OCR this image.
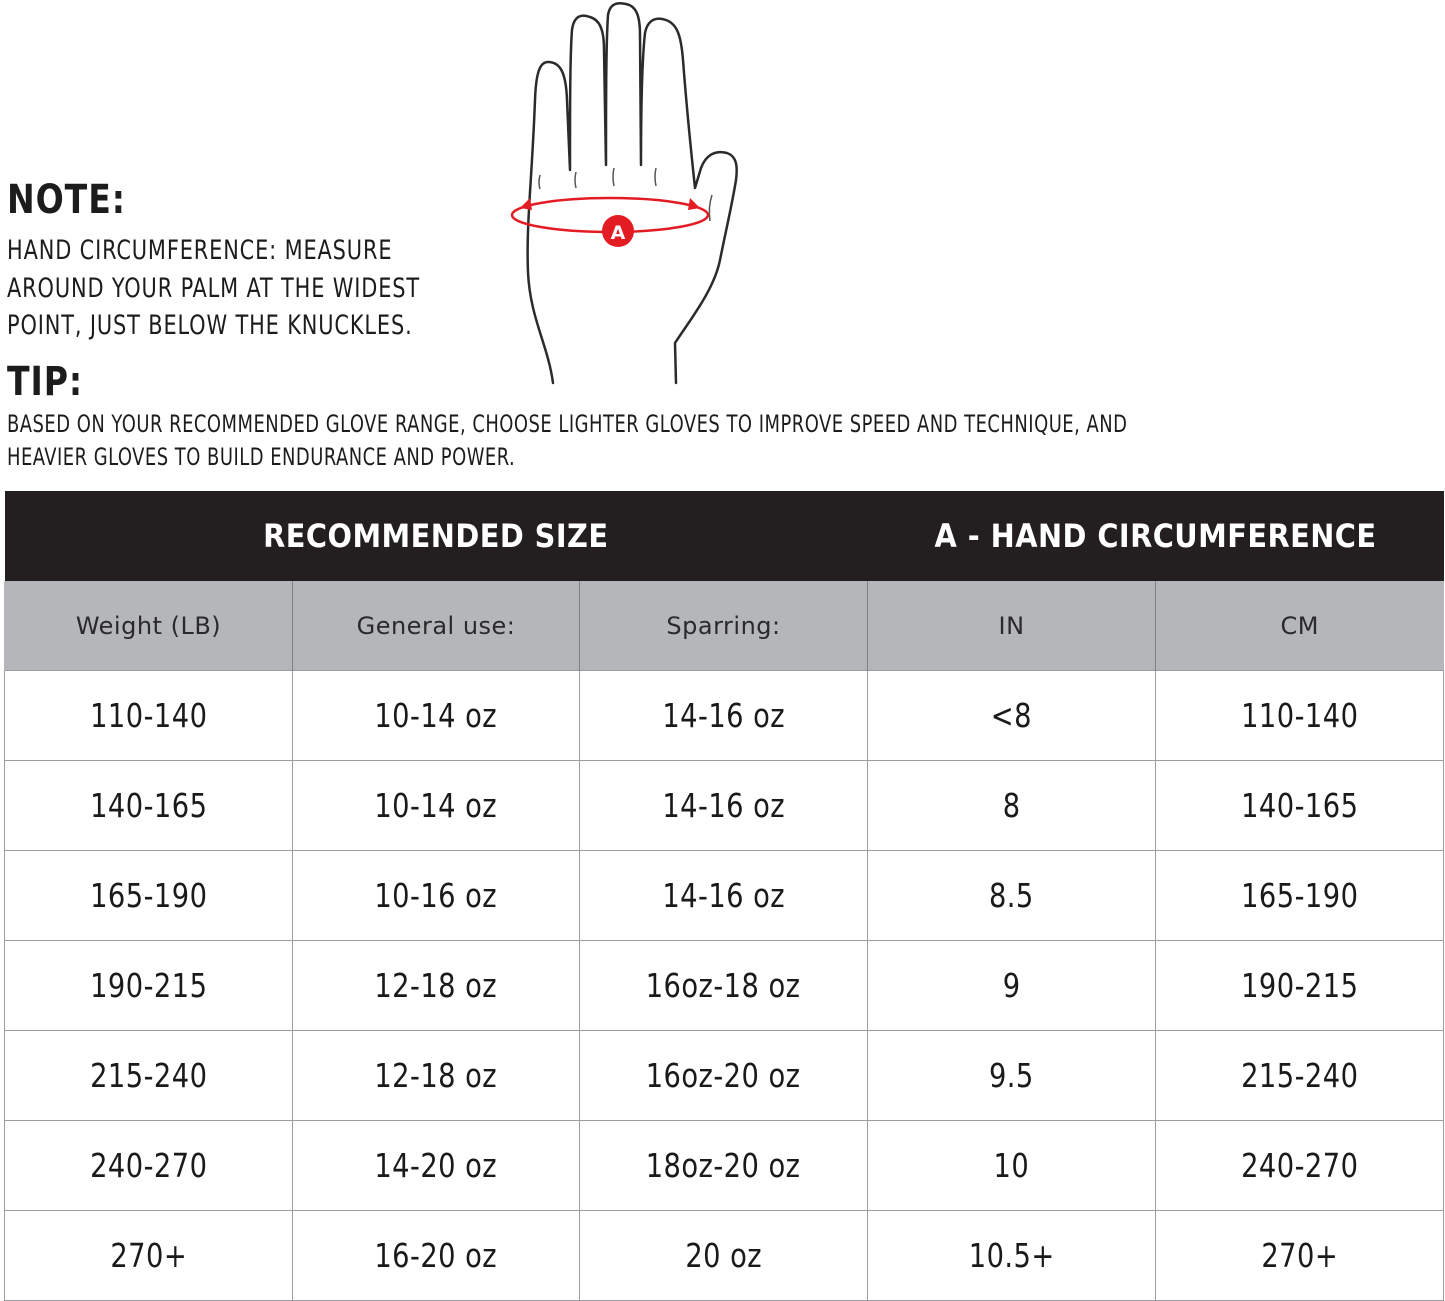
NOTE:
HAND CIRCUMFERENCE: MEASURE
AROUND YOUR PALM AT THE WIDEST
POINT, JUST BELOW THE KNUCKLES.
A
TIP:
BASED ON YOUR RECOMMENDED GLOVE RANGE, CHOOSE LIGHTER GLOVES TO IMPROVE SPEED AND TECHNIQUE, AND
HEAVIER GLOVES TO BUILD ENDURANCE AND POWER.
RECOMMENDED SIZE			A - HAND CIRCUMFERENCE	
Weight (LB)	General use:	Sparring:	IN	CM
110-140	10-14 oz	14-16 oz	<8	110-140
140-165	10-14 oz	14-16 oz	8	140-165
165-190	10-16 oz	14-16 oz	8.5	165-190
190-215	12-18 oz	16oz-18 oz	9	190-215
215-240	12-18 oz	16oz-20 oz	9.5	215-240
240-270	14-20 oz	18oz-20 oz	10	240-270
270+	16-20 oz	20 oz	10.5+	270+
